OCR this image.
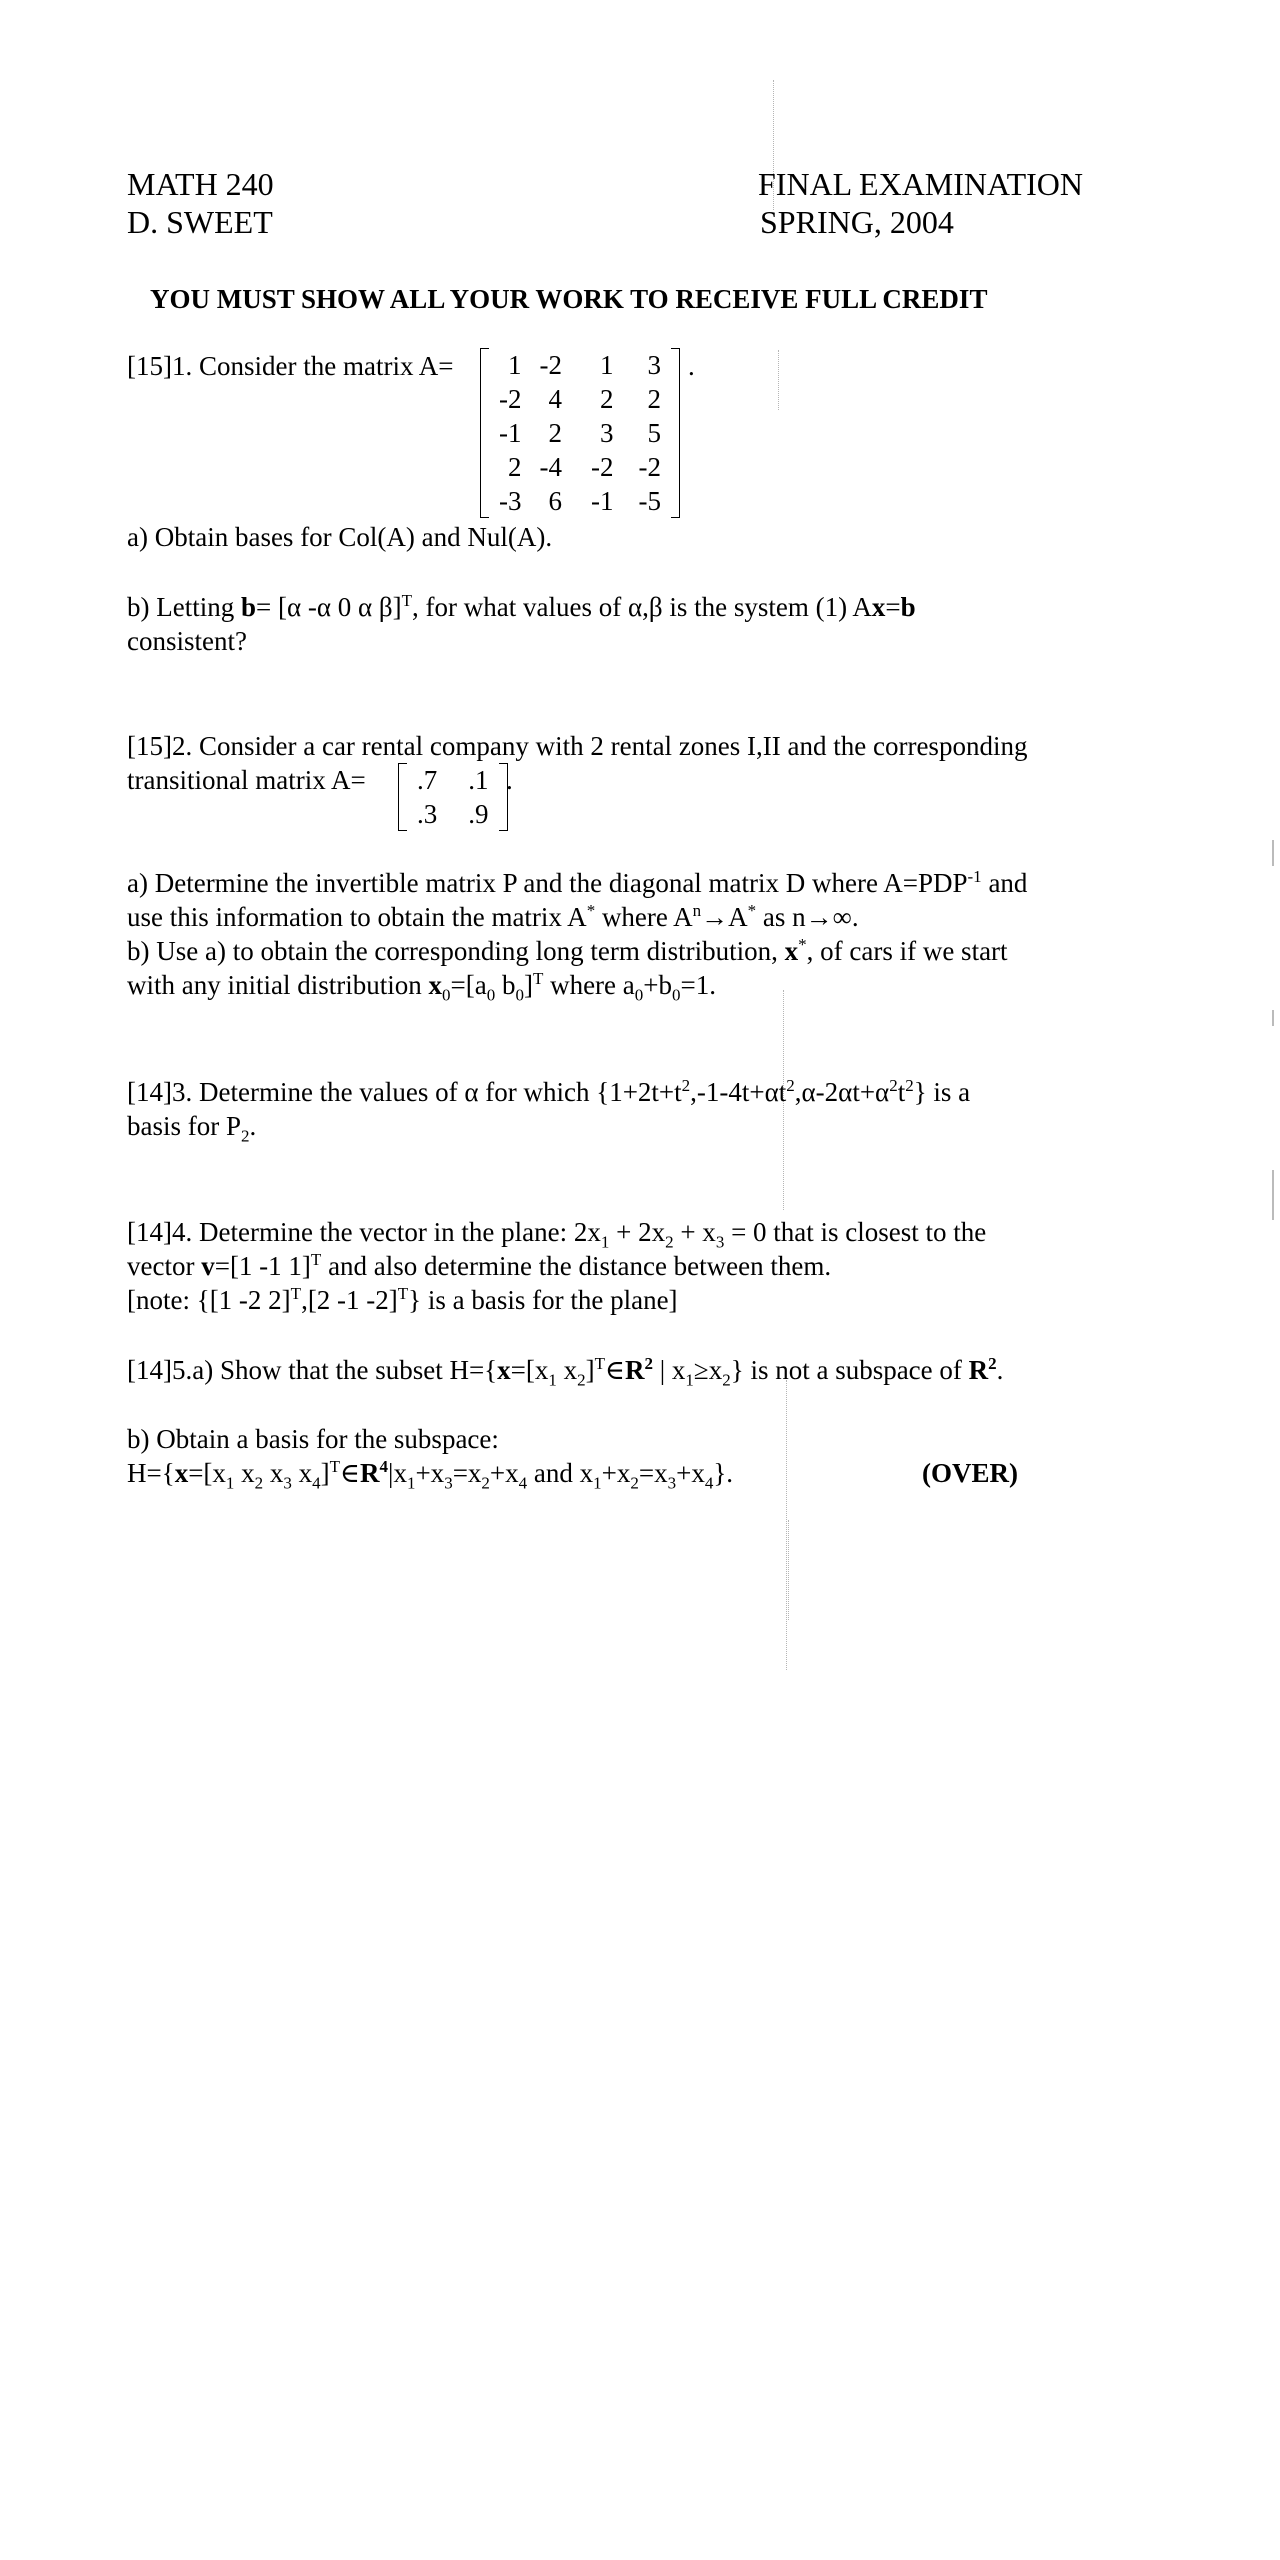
MATH 240
D. SWEET
FINAL EXAMINATION
SPRING, 2004
YOU MUST SHOW ALL YOUR WORK TO RECEIVE FULL CREDIT
[15]1. Consider the matrix A= 1	-2	1	3
-2	4	2	2
-1	2	3	5
2	-4	-2	-2
-3	6	-1	-5
.
a) Obtain bases for Col(A) and Nul(A).
b) Letting b= [α -α 0 α β]$^T$, for what values of α,β is the system (1) Ax=b
consistent?
[15]2. Consider a car rental company with 2 rental zones I,II and the corresponding
transitional matrix A= .7	.1
.3	.9
.
a) Determine the invertible matrix P and the diagonal matrix D where $A=PDP^{-1}$ and
use this information to obtain the matrix A* where $A^n\to A^*$ as n→∞.
b) Use a) to obtain the corresponding long term distribution, x*, of cars if we start
with any initial distribution $x_0=[a_0$ $b_0]^T$ where $a_0+b_0=1$.
[14]3. Determine the values of α for which $\{1+2t+t^2,-1-4t+\alpha t^2,\alpha-2\alpha t+\alpha^2t^2\}$ is a
basis for $P_2$.
[14]4. Determine the vector in the plane: $2x_1 + 2x_2 + x_3 = 0$ that is closest to the
vector v=[1 -1 1]$^T$ and also determine the distance between them.
[note: {[1 -2 2]$^T$,[2 -1 -2]$^T$} is a basis for the plane]
[14]5.a) Show that the subset $H=\{x=[x_1$ $x_2]^T\in R^2$ | $x_1\ge x_2$} is not a subspace of $R^2$.
b) Obtain a basis for the subspace:
$H=\{x=[x_1$ $x_2$ $x_3$ $x_4]^T\in R^4|x_1+x_3=x_2+x_4$ and $x_1+x_2=x_3+x_4$}.	(OVER)
